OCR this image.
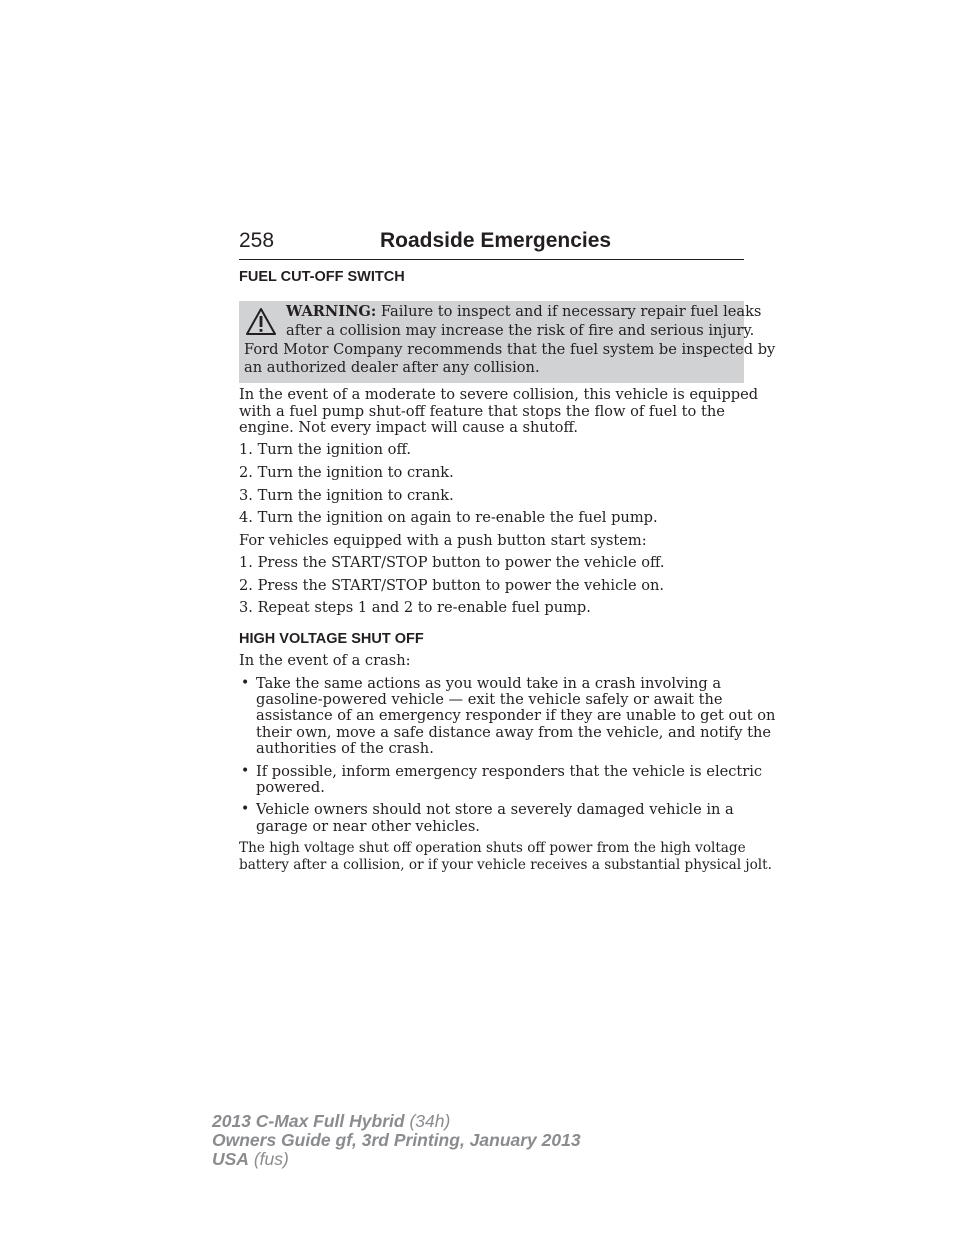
258	Roadside Emergencies
FUEL CUT-OFF SWITCH
WARNING: Failure to inspect and if necessary repair fuel leaks
after a collision may increase the risk of fire and serious injury.
Ford Motor Company recommends that the fuel system be inspected by
an authorized dealer after any collision.
In the event of a moderate to severe collision, this vehicle is equipped
with a fuel pump shut-off feature that stops the flow of fuel to the
engine. Not every impact will cause a shutoff.
1. Turn the ignition off.
2. Turn the ignition to crank.
3. Turn the ignition to crank.
4. Turn the ignition on again to re-enable the fuel pump.
For vehicles equipped with a push button start system:
1. Press the START/STOP button to power the vehicle off.
2. Press the START/STOP button to power the vehicle on.
3. Repeat steps 1 and 2 to re-enable fuel pump.
HIGH VOLTAGE SHUT OFF
In the event of a crash:
• Take the same actions as you would take in a crash involving a
gasoline-powered vehicle — exit the vehicle safely or await the
assistance of an emergency responder if they are unable to get out on
their own, move a safe distance away from the vehicle, and notify the
authorities of the crash.
• If possible, inform emergency responders that the vehicle is electric
powered.
• Vehicle owners should not store a severely damaged vehicle in a
garage or near other vehicles.
The high voltage shut off operation shuts off power from the high voltage
battery after a collision, or if your vehicle receives a substantial physical jolt.
2013 C-Max Full Hybrid (34h)
Owners Guide gf, 3rd Printing, January 2013
USA (fus)
